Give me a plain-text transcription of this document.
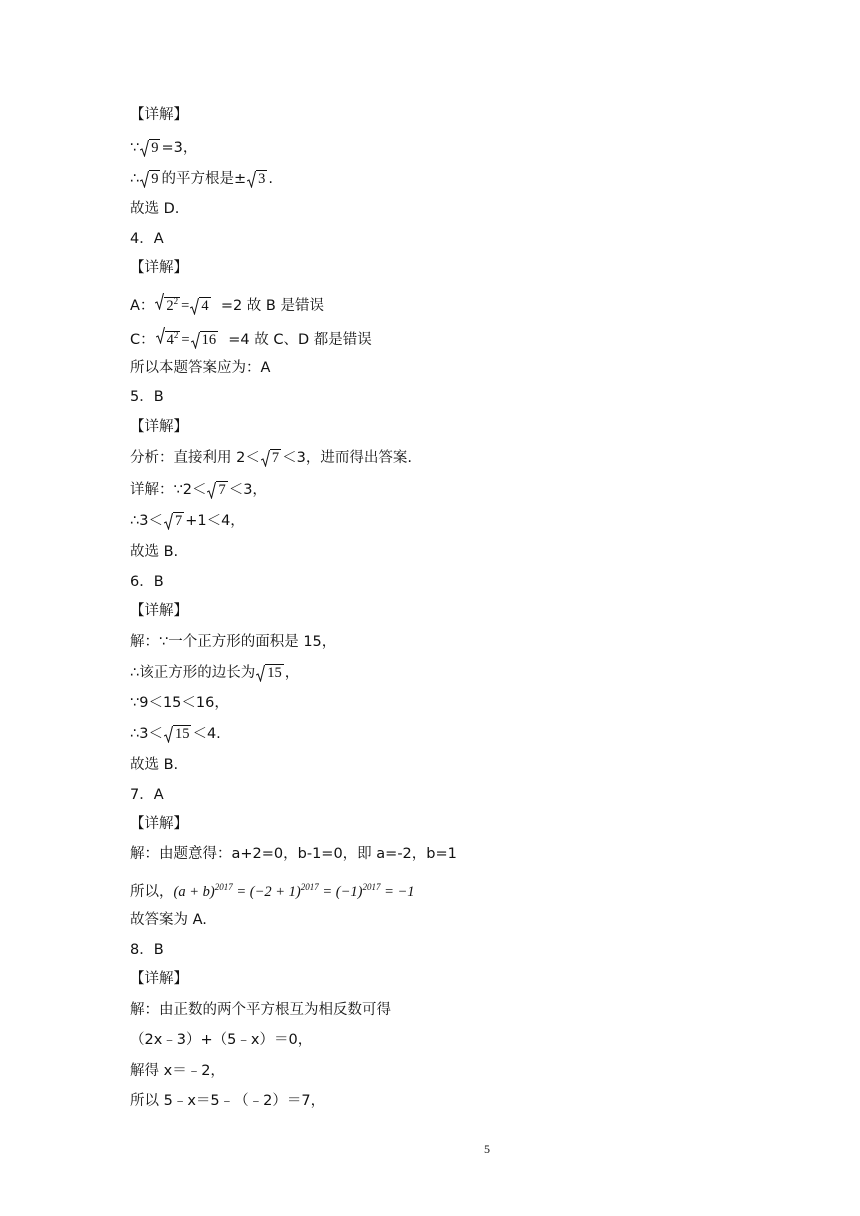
【详解】
∵ 9 =3，
∴ 9 的平方根是± 3 .
故选 D.
4．A
【详解】
A： $2^2 = 4 =2$ 故 B 是错误
C： $4^2 = 16 =4$ 故 C、D 都是错误
所以本题答案应为：A
5．B
【详解】
分析：直接利用 2＜ 7 ＜3，进而得出答案.
详解：∵2＜ 7 ＜3，
∴3＜ 7 +1＜4，
故选 B.
6．B
【详解】
解：∵一个正方形的面积是 15，
∴该正方形的边长为 15 ，
∵9＜15＜16，
∴3＜ 15 ＜4.
故选 B.
7．A
【详解】
解：由题意得：a+2=0，b-1=0，即 a=-2，b=1
所以，$(a + b)^{2017} = (-2 + 1)^{2017} = (-1)^{2017} = -1$
故答案为 A.
8．B
【详解】
解：由正数的两个平方根互为相反数可得
（2x﹣3）+（5﹣x）＝0，
解得 x＝﹣2，
所以 5﹣x＝5﹣（﹣2）＝7，
5
